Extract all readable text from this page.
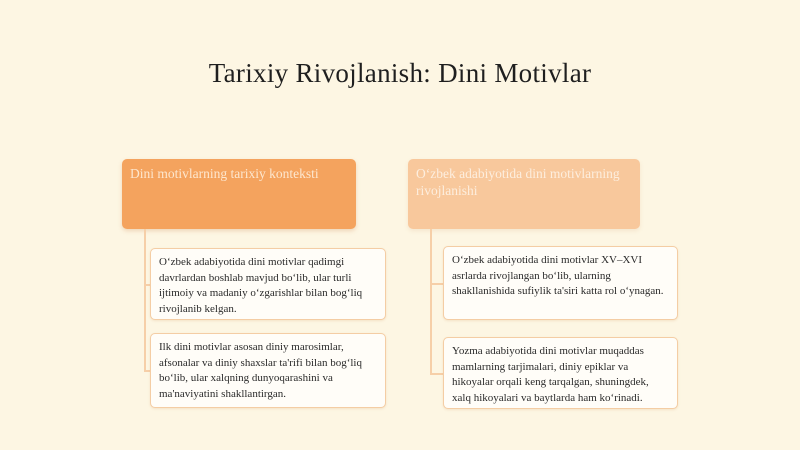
Tarixiy Rivojlanish: Dini Motivlar
Dini motivlarning tarixiy konteksti
O‘zbek adabiyotida dini motivlar qadimgi davrlardan boshlab mavjud bo‘lib, ular turli ijtimoiy va madaniy o‘zgarishlar bilan bog‘liq rivojlanib kelgan.
Ilk dini motivlar asosan diniy marosimlar, afsonalar va diniy shaxslar ta'rifi bilan bog‘liq bo‘lib, ular xalqning dunyoqarashini va ma'naviyatini shakllantirgan.
O‘zbek adabiyotida dini motivlarning rivojlanishi
O‘zbek adabiyotida dini motivlar XV–XVI asrlarda rivojlangan bo‘lib, ularning shakllanishida sufiylik ta'siri katta rol o‘ynagan.
Yozma adabiyotida dini motivlar muqaddas mamlarning tarjimalari, diniy epiklar va hikoyalar orqali keng tarqalgan, shuningdek, xalq hikoyalari va baytlarda ham ko‘rinadi.
